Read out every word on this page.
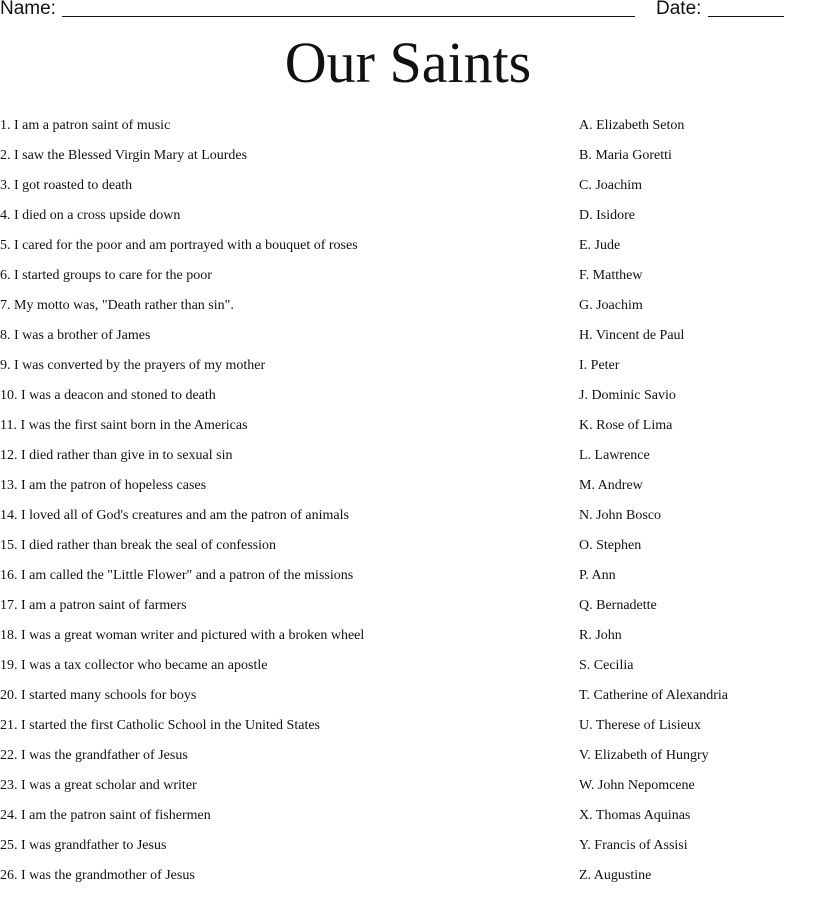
Name:	Date:
Our Saints
1. I am a patron saint of music
2. I saw the Blessed Virgin Mary at Lourdes
3. I got roasted to death
4. I died on a cross upside down
5. I cared for the poor and am portrayed with a bouquet of roses
6. I started groups to care for the poor
7. My motto was, "Death rather than sin".
8. I was a brother of James
9. I was converted by the prayers of my mother
10. I was a deacon and stoned to death
11. I was the first saint born in the Americas
12. I died rather than give in to sexual sin
13. I am the patron of hopeless cases
14. I loved all of God's creatures and am the patron of animals
15. I died rather than break the seal of confession
16. I am called the "Little Flower" and a patron of the missions
17. I am a patron saint of farmers
18. I was a great woman writer and pictured with a broken wheel
19. I was a tax collector who became an apostle
20. I started many schools for boys
21. I started the first Catholic School in the United States
22. I was the grandfather of Jesus
23. I was a great scholar and writer
24. I am the patron saint of fishermen
25. I was grandfather to Jesus
26. I was the grandmother of Jesus
A. Elizabeth Seton
B. Maria Goretti
C. Joachim
D. Isidore
E. Jude
F. Matthew
G. Joachim
H. Vincent de Paul
I. Peter
J. Dominic Savio
K. Rose of Lima
L. Lawrence
M. Andrew
N. John Bosco
O. Stephen
P. Ann
Q. Bernadette
R. John
S. Cecilia
T. Catherine of Alexandria
U. Therese of Lisieux
V. Elizabeth of Hungry
W. John Nepomcene
X. Thomas Aquinas
Y. Francis of Assisi
Z. Augustine
